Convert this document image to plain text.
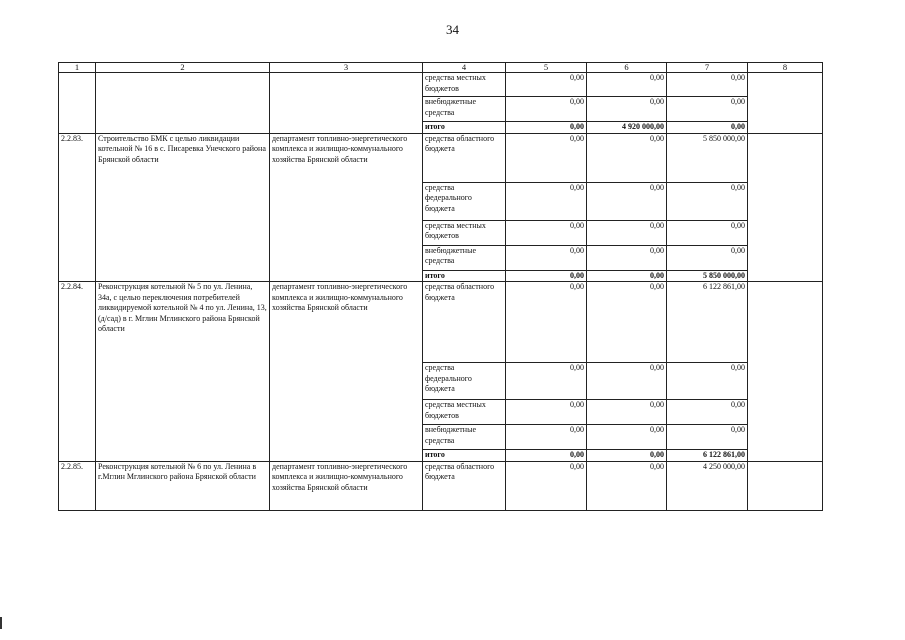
34
1	2	3	4	5	6	7	8
			средства местных бюджетов	0,00	0,00	0,00	
			внебюджетные средства	0,00	0,00	0,00	
			итого	0,00	4 920 000,00	0,00	
2.2.83.	Строительство БМК с целью ликвидации котельной № 16 в с. Писаревка Унечского района Брянской области	департамент топливно-энергетического комплекса и жилищно-коммунального хозяйства Брянской области	средства областного бюджета	0,00	0,00	5 850 000,00	
			средства федерального бюджета	0,00	0,00	0,00	
			средства местных бюджетов	0,00	0,00	0,00	
			внебюджетные средства	0,00	0,00	0,00	
			итого	0,00	0,00	5 850 000,00	
2.2.84.	Реконструкция котельной № 5 по ул. Ленина, 34а, с целью переключения потребителей ликвидируемой котельной № 4 по ул. Ленина, 13, (д/сад) в г. Мглин Мглинского района Брянской области	департамент топливно-энергетического комплекса и жилищно-коммунального хозяйства Брянской области	средства областного бюджета	0,00	0,00	6 122 861,00	
			средства федерального бюджета	0,00	0,00	0,00	
			средства местных бюджетов	0,00	0,00	0,00	
			внебюджетные средства	0,00	0,00	0,00	
			итого	0,00	0,00	6 122 861,00	
2.2.85.	Реконструкция котельной № 6 по ул. Ленина в г.Мглин Мглинского района Брянской области	департамент топливно-энергетического комплекса и жилищно-коммунального хозяйства Брянской области	средства областного бюджета	0,00	0,00	4 250 000,00	
